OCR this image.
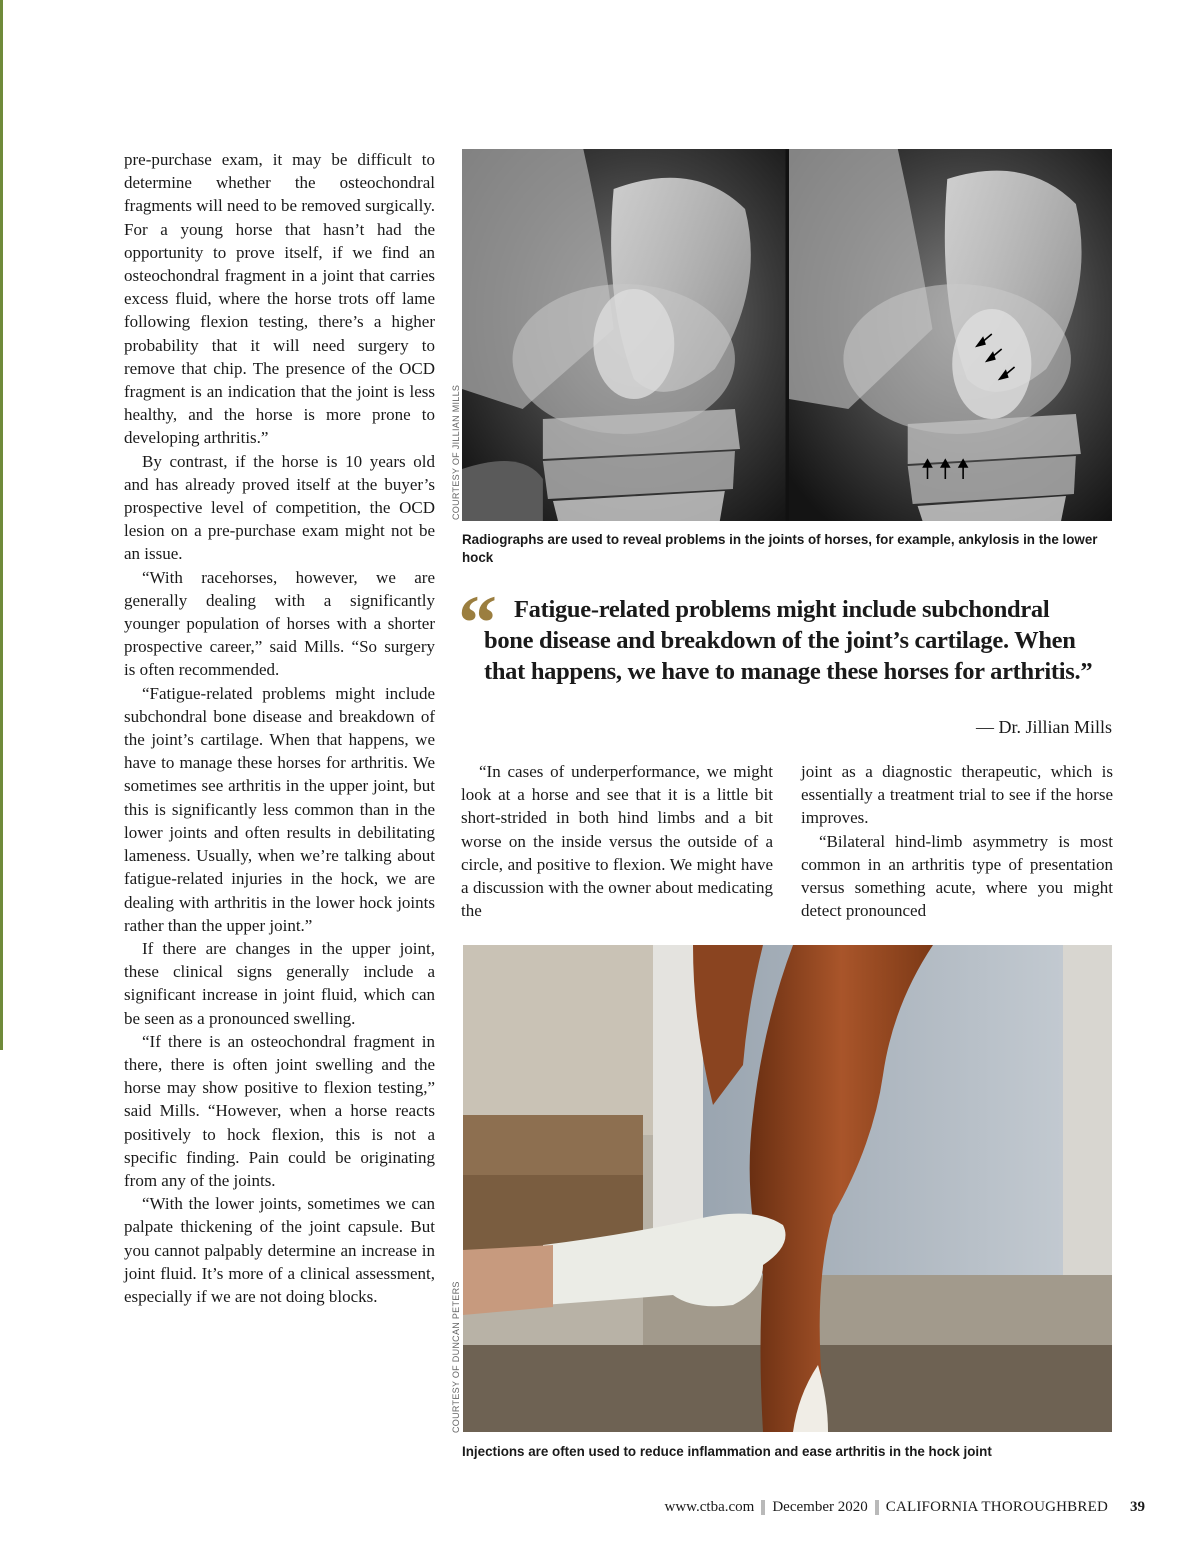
pre-purchase exam, it may be difficult to determine whether the osteochondral fragments will need to be removed surgically. For a young horse that hasn’t had the opportunity to prove itself, if we find an osteochondral fragment in a joint that carries excess fluid, where the horse trots off lame following flexion testing, there’s a higher probability that it will need surgery to remove that chip. The presence of the OCD fragment is an indication that the joint is less healthy, and the horse is more prone to developing arthritis.”

By contrast, if the horse is 10 years old and has already proved itself at the buyer’s prospective level of competition, the OCD lesion on a pre-purchase exam might not be an issue.

“With racehorses, however, we are generally dealing with a significantly younger population of horses with a shorter prospective career,” said Mills. “So surgery is often recommended.

“Fatigue-related problems might include subchondral bone disease and breakdown of the joint’s cartilage. When that happens, we have to manage these horses for arthritis. We sometimes see arthritis in the upper joint, but this is significantly less common than in the lower joints and often results in debilitating lameness. Usually, when we’re talking about fatigue-related injuries in the hock, we are dealing with arthritis in the lower hock joints rather than the upper joint.”

If there are changes in the upper joint, these clinical signs generally include a significant increase in joint fluid, which can be seen as a pronounced swelling.

“If there is an osteochondral fragment in there, there is often joint swelling and the horse may show positive to flexion testing,” said Mills. “However, when a horse reacts positively to hock flexion, this is not a specific finding. Pain could be originating from any of the joints.

“With the lower joints, sometimes we can palpate thickening of the joint capsule. But you cannot palpably determine an increase in joint fluid. It’s more of a clinical assessment, especially if we are not doing blocks.

COURTESY OF JILLIAN MILLS
Radiographs are used to reveal problems in the joints of horses, for example, ankylosis in the lower hock
“ Fatigue-related problems might include subchondral
bone disease and breakdown of the joint’s cartilage. When
that happens, we have to manage these horses for arthritis.”
— Dr. Jillian Mills

“In cases of underperformance, we might look at a horse and see that it is a little bit short-strided in both hind limbs and a bit worse on the inside versus the outside of a circle, and positive to flexion. We might have a discussion with the owner about medicating the

joint as a diagnostic therapeutic, which is essentially a treatment trial to see if the horse improves.

“Bilateral hind-limb asymmetry is most common in an arthritis type of presentation versus something acute, where you might detect pronounced

COURTESY OF DUNCAN PETERS
Injections are often used to reduce inflammation and ease arthritis in the hock joint
www.ctba.com December 2020 CALIFORNIA THOROUGHBRED 39
